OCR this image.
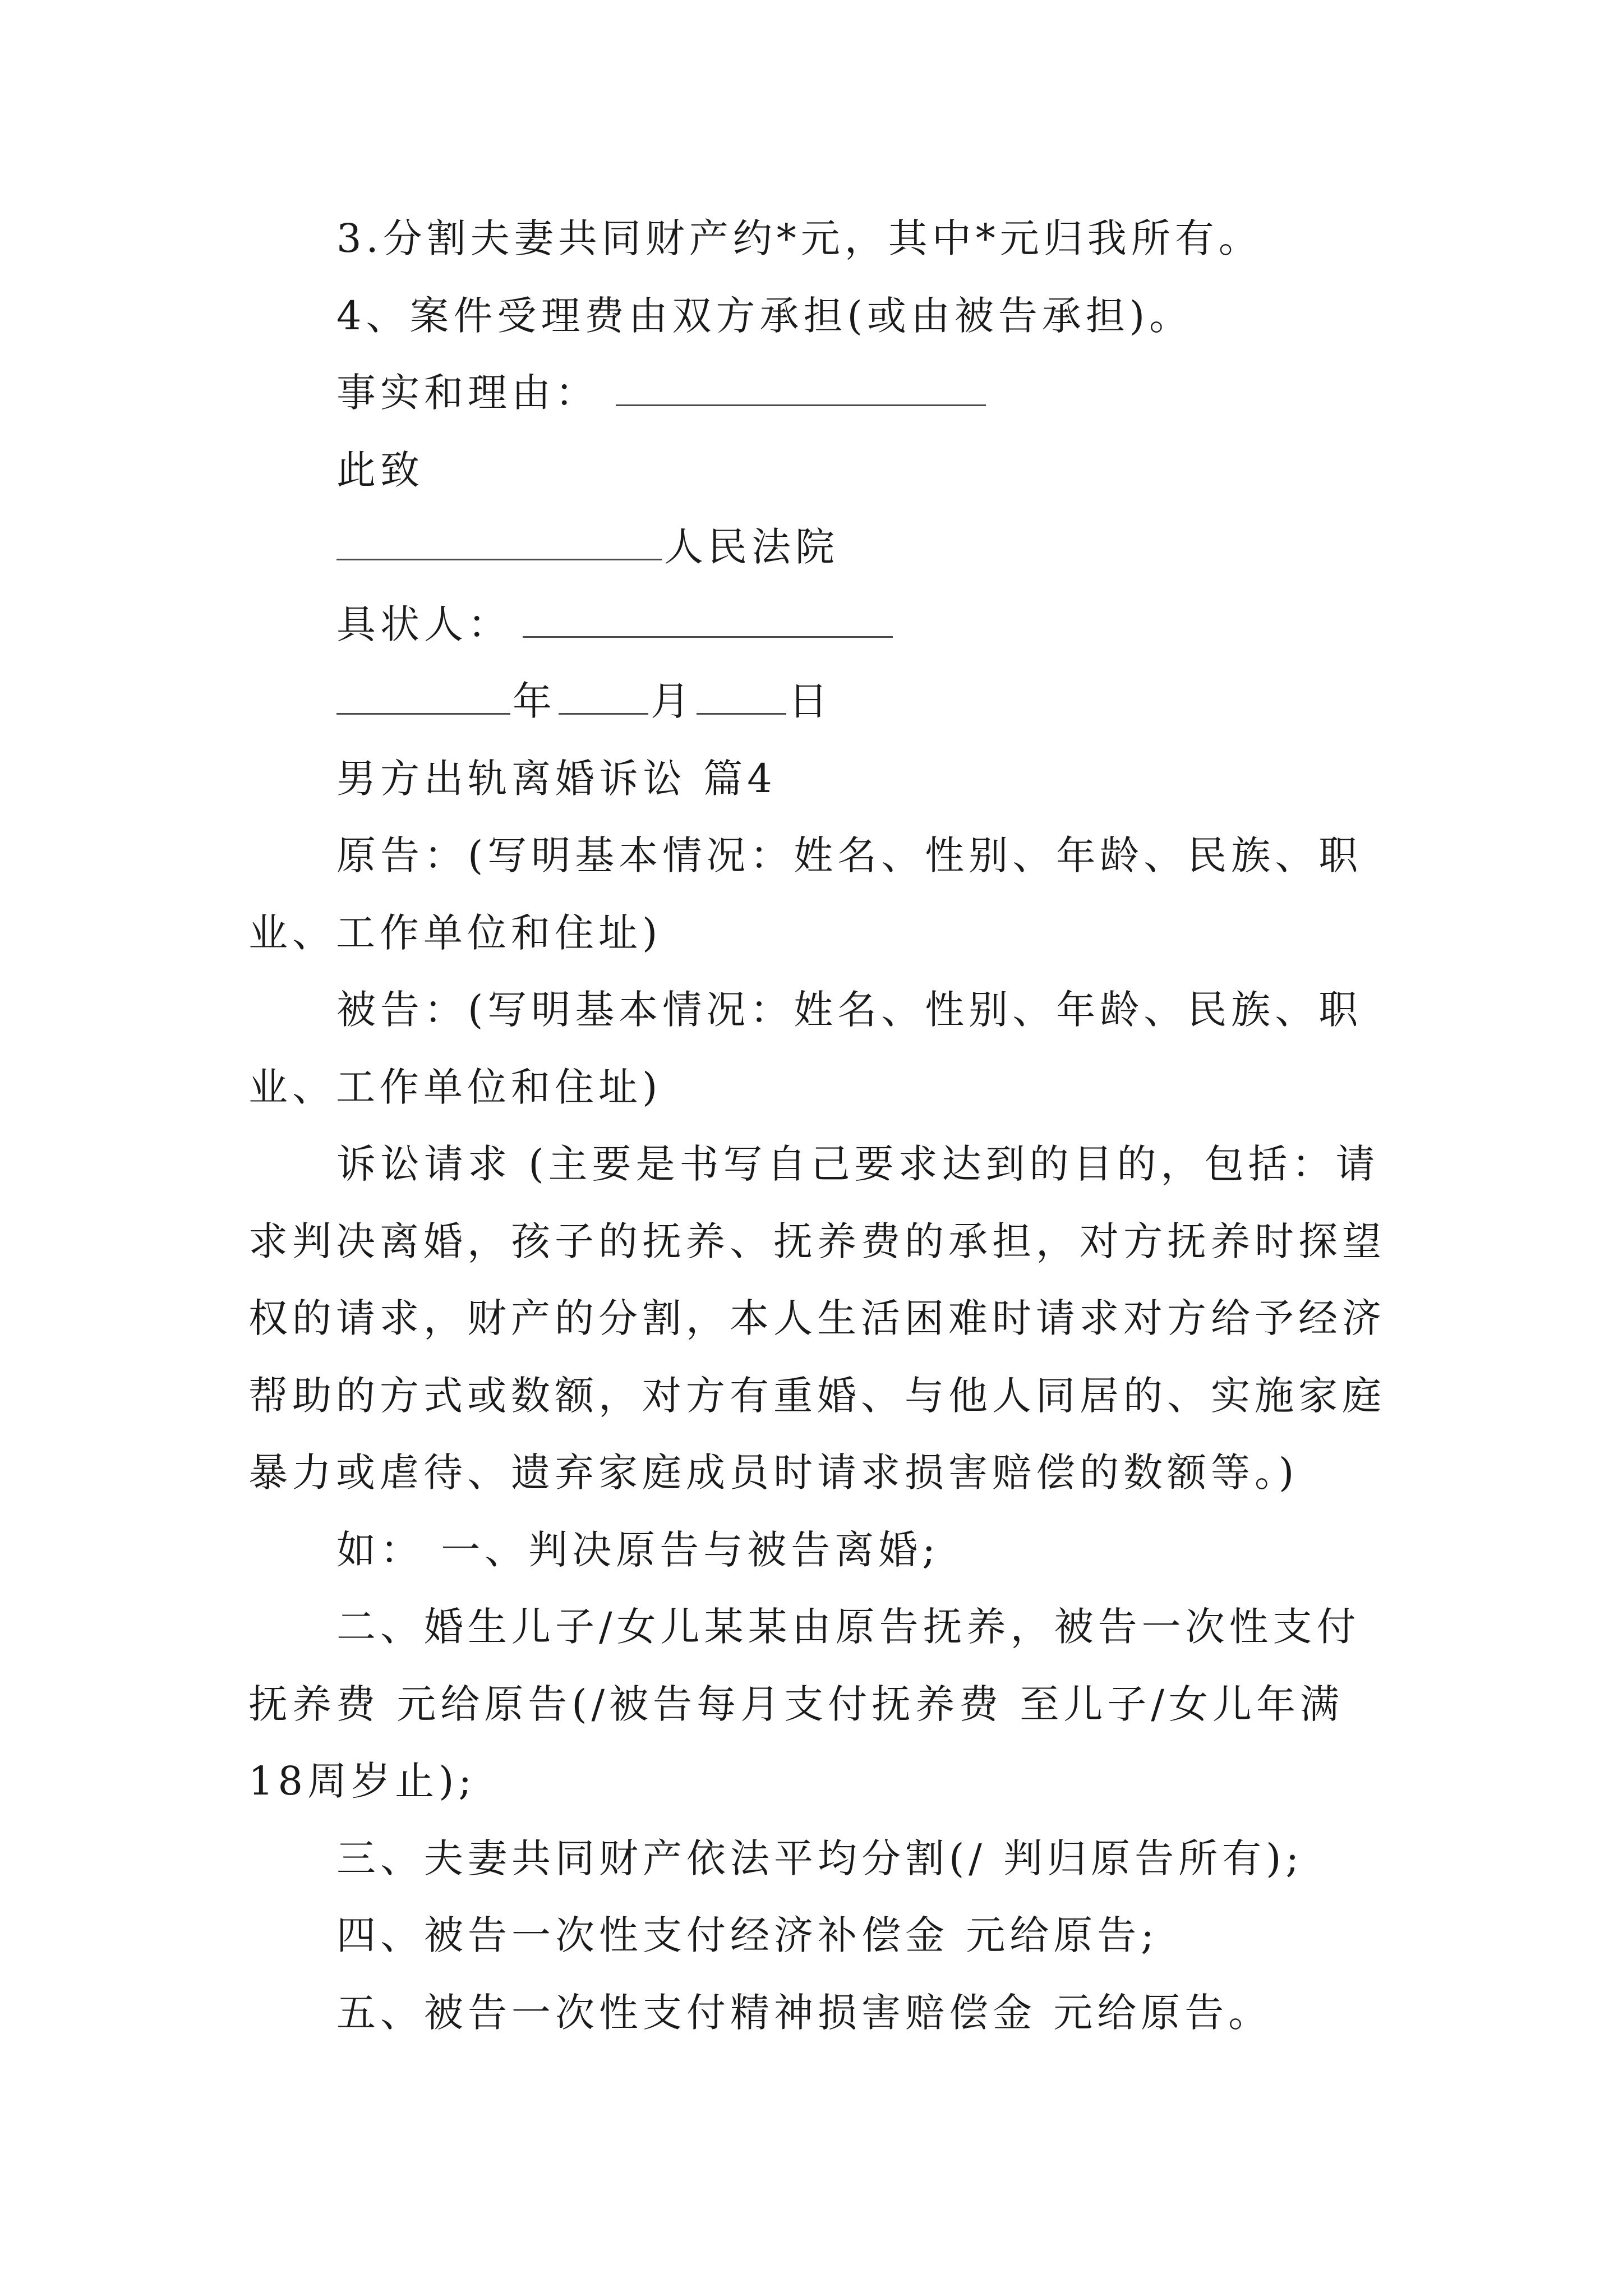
3.分割夫妻共同财产约*元，其中*元归我所有。
4、案件受理费由双方承担(或由被告承担)。
事实和理由：
此致
人民法院
具状人：
年 月 日
男方出轨离婚诉讼 篇4
原告：(写明基本情况：姓名、性别、年龄、民族、职
业、工作单位和住址)
被告：(写明基本情况：姓名、性别、年龄、民族、职
业、工作单位和住址)
诉讼请求 (主要是书写自己要求达到的目的，包括：请
求判决离婚，孩子的抚养、抚养费的承担，对方抚养时探望
权的请求，财产的分割，本人生活困难时请求对方给予经济
帮助的方式或数额，对方有重婚、与他人同居的、实施家庭
暴力或虐待、遗弃家庭成员时请求损害赔偿的数额等。)
如： 一、判决原告与被告离婚;
二、婚生儿子/女儿某某由原告抚养，被告一次性支付
抚养费 元给原告(/被告每月支付抚养费 至儿子/女儿年满
18周岁止);
三、夫妻共同财产依法平均分割(/ 判归原告所有);
四、被告一次性支付经济补偿金 元给原告;
五、被告一次性支付精神损害赔偿金 元给原告。
